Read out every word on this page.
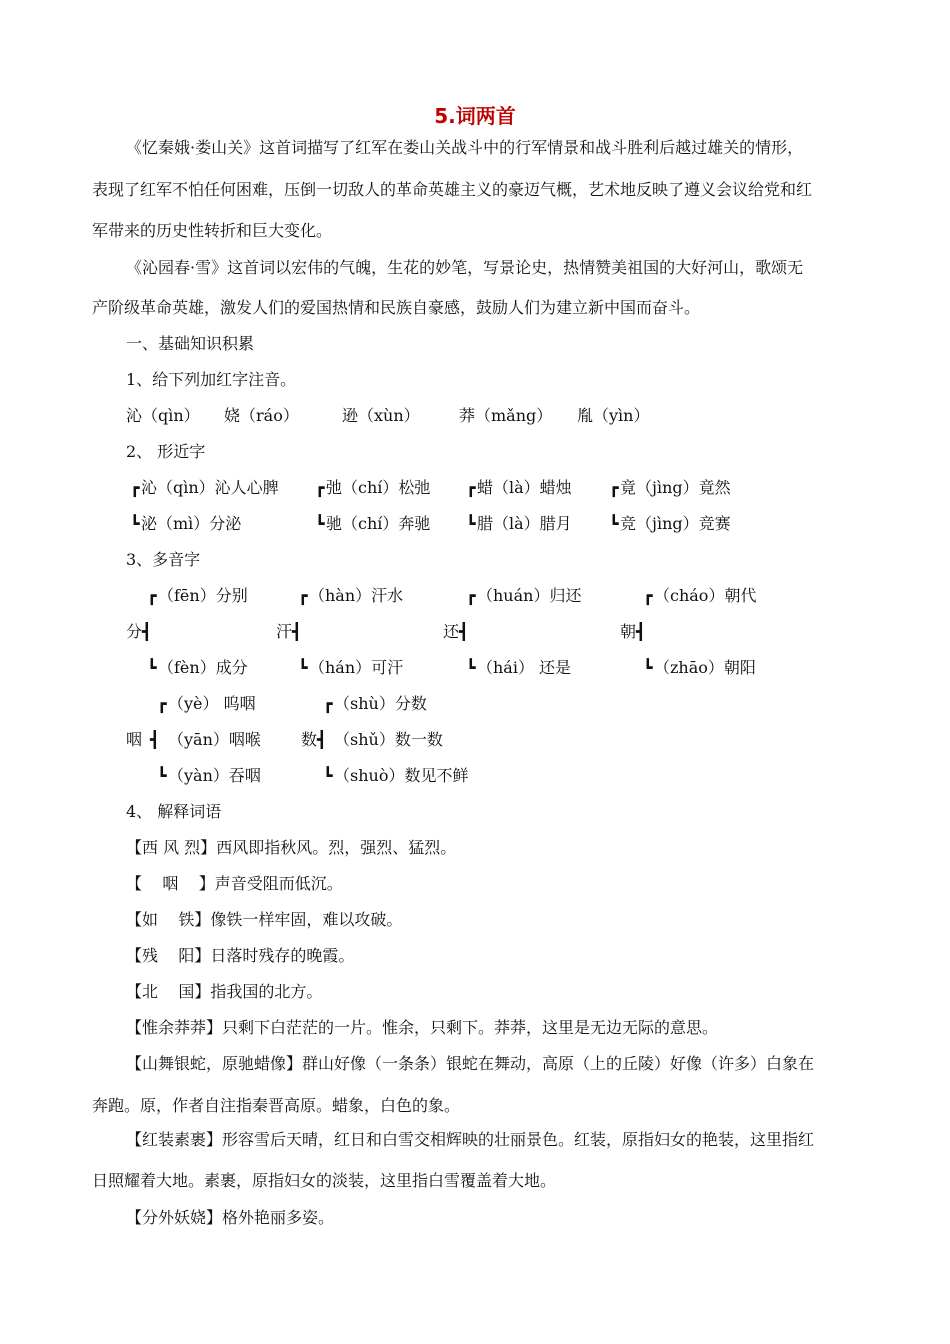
5.词两首
《忆秦娥·娄山关》这首词描写了红军在娄山关战斗中的行军情景和战斗胜利后越过雄关的情形，
表现了红军不怕任何困难，压倒一切敌人的革命英雄主义的豪迈气概，艺术地反映了遵义会议给党和红
军带来的历史性转折和巨大变化。
《沁园春·雪》这首词以宏伟的气魄，生花的妙笔，写景论史，热情赞美祖国的大好河山，歌颂无
产阶级革命英雄，激发人们的爱国热情和民族自豪感，鼓励人们为建立新中国而奋斗。
一、基础知识积累
1、给下列加红字注音。
沁（qìn） 娆（ráo）	逊（xùn） 莽（mǎng） 胤（yìn）
2、 形近字
┏ 沁（qìn）沁人心脾
┗ 泌（mì）分泌
┏ 弛（chí）松弛
┗ 驰（chí）奔驰
┏ 蜡（là）蜡烛
┗ 腊（là）腊月
┏ 竟（jìng）竟然
┗ 竞（jìng）竞赛
3、多音字
┏ （fēn）分别
分 ┫
┗ （fèn）成分
┏ （hàn）汗水
汗 ┫
┗ （hán）可汗
┏ （huán）归还
还 ┫
┗ （hái） 还是
┏ （cháo）朝代
朝 ┫
┗ （zhāo）朝阳
┏ （yè） 呜咽
咽 ┫ （yān）咽喉
┗ （yàn）吞咽
┏ （shù）分数
数 ┫ （shǔ）数一数
┗ （shuò）数见不鲜
4、 解释词语
【西 风 烈】西风即指秋风。烈，强烈、猛烈。
【    咽    】声音受阻而低沉。
【如    铁】像铁一样牢固，难以攻破。
【残    阳】日落时残存的晚霞。
【北    国】指我国的北方。
【惟余莽莽】只剩下白茫茫的一片。惟余，只剩下。莽莽，这里是无边无际的意思。
【山舞银蛇，原驰蜡像】群山好像（一条条）银蛇在舞动，高原（上的丘陵）好像（许多）白象在
奔跑。原，作者自注指秦晋高原。蜡象，白色的象。
【红装素裹】形容雪后天晴，红日和白雪交相辉映的壮丽景色。红装，原指妇女的艳装，这里指红
日照耀着大地。素裹，原指妇女的淡装，这里指白雪覆盖着大地。
【分外妖娆】格外艳丽多姿。
